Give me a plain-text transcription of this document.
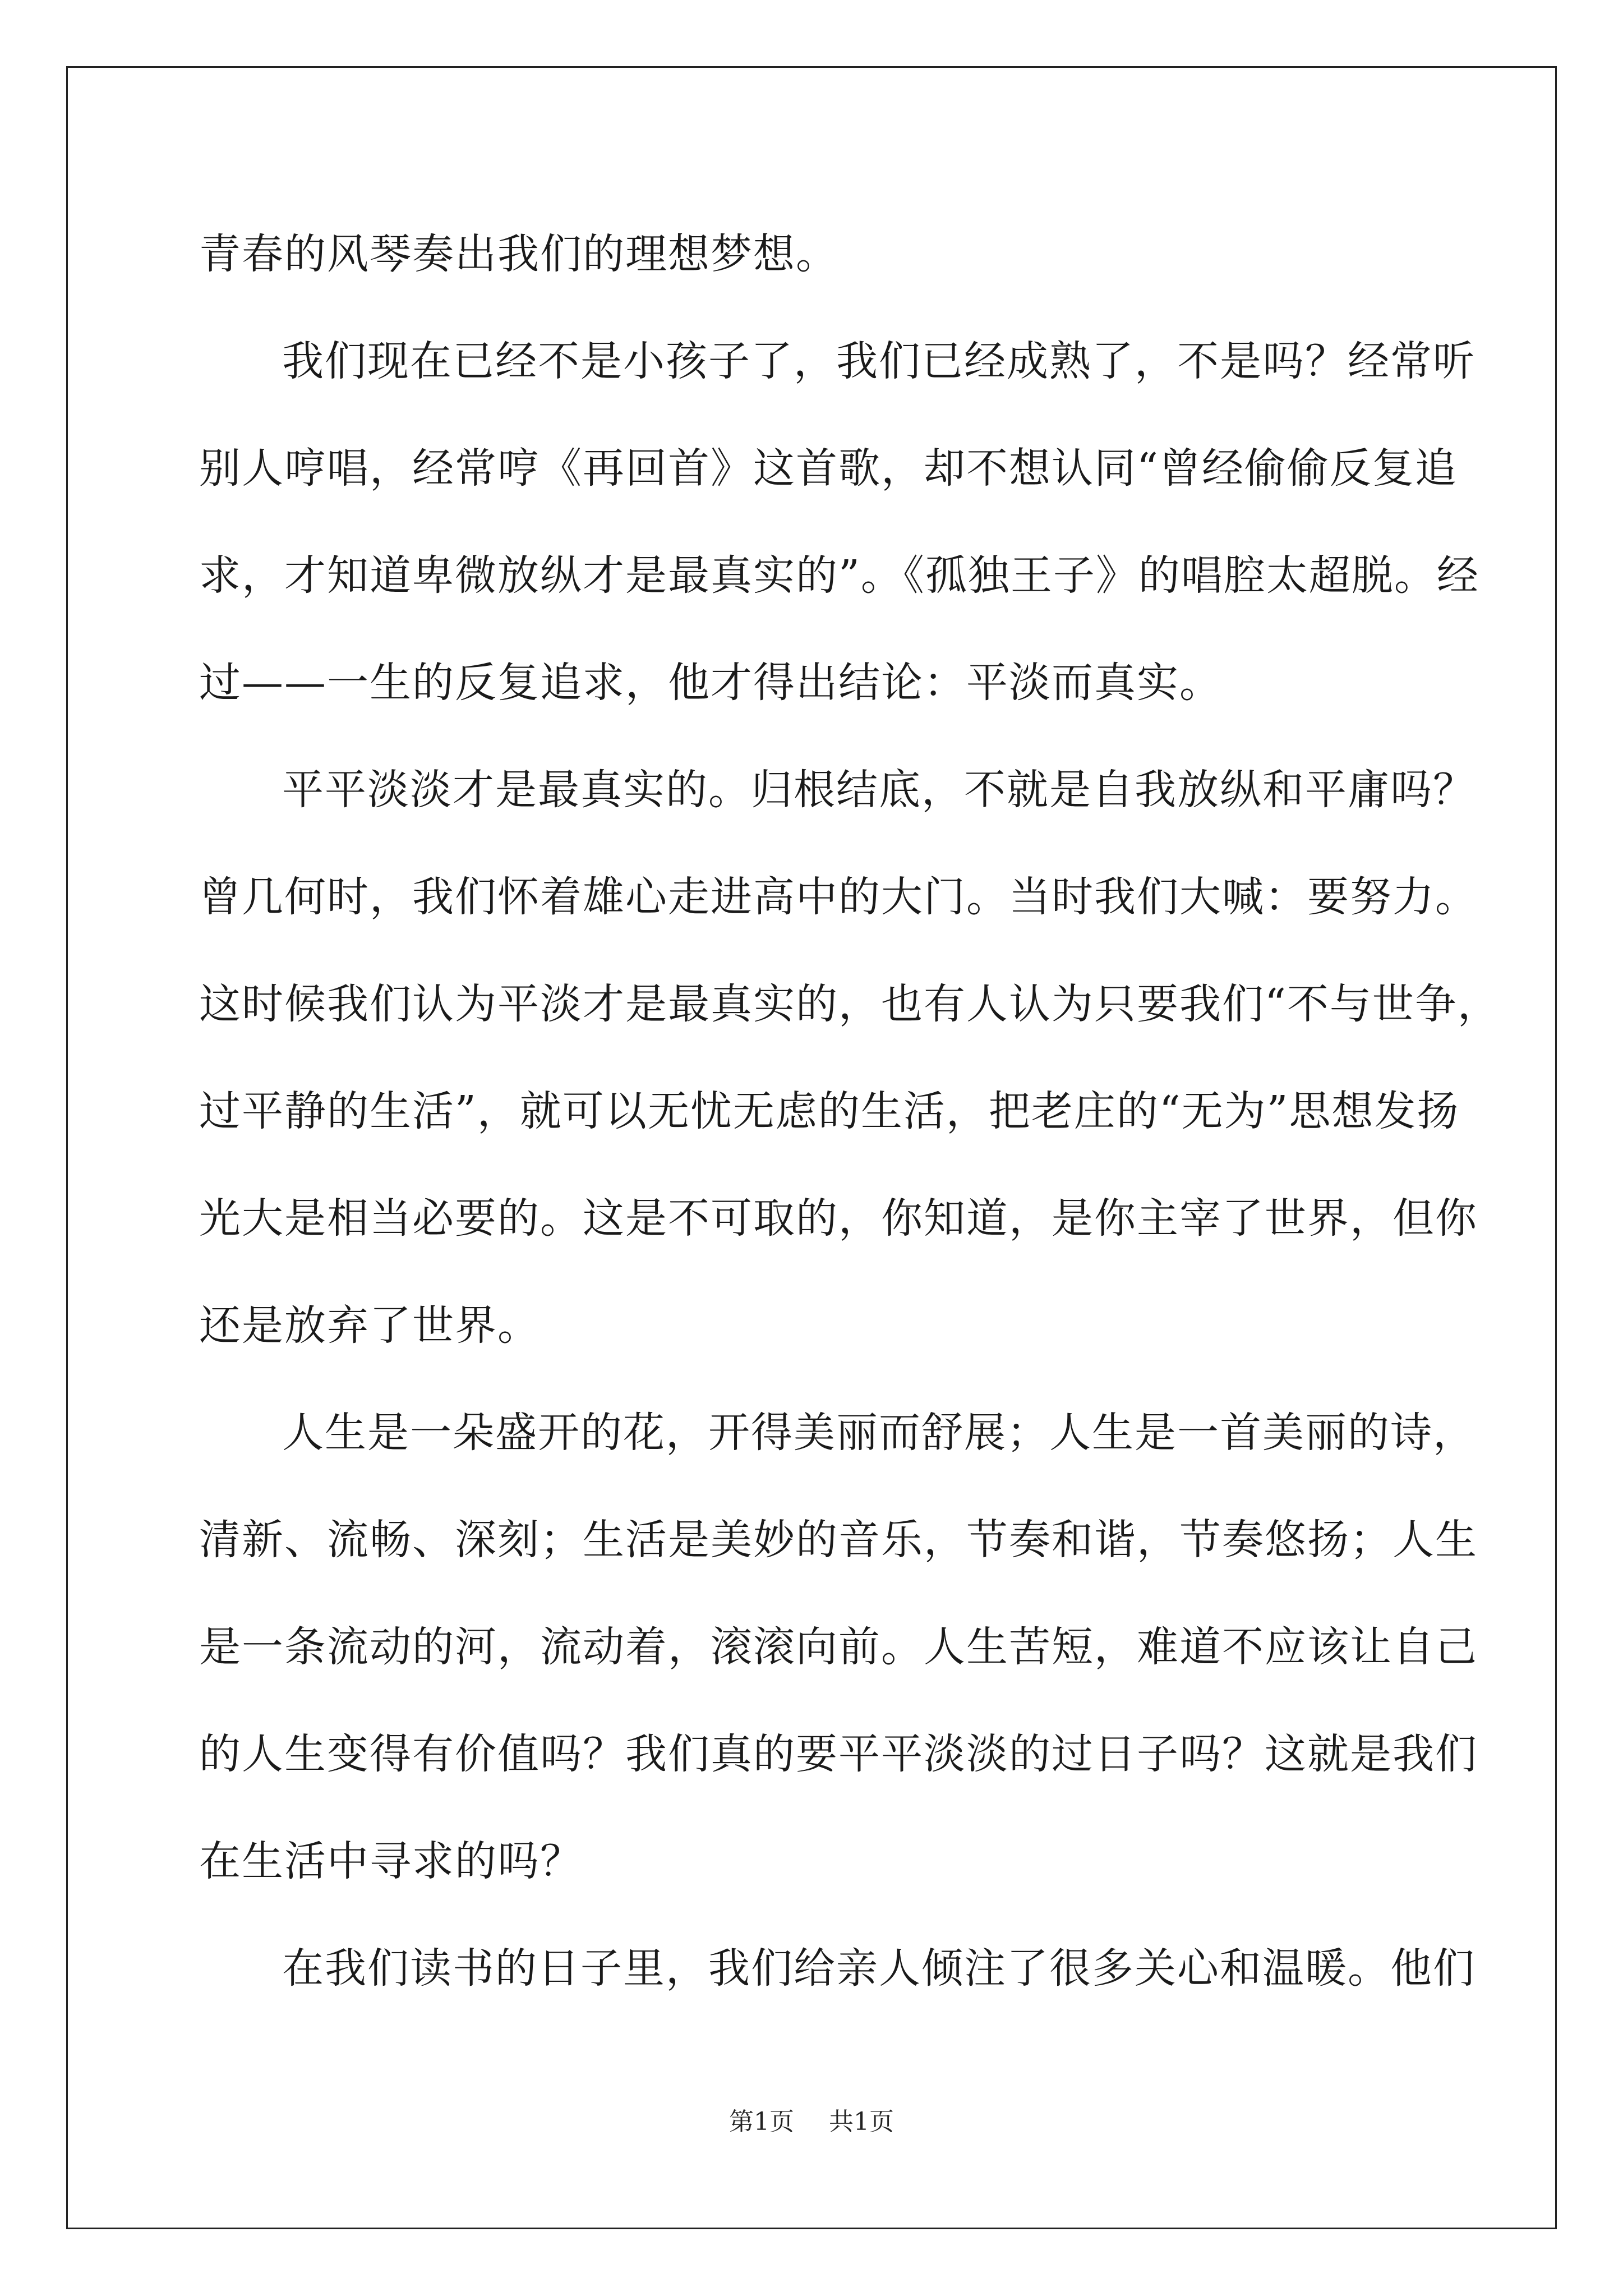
青春的风琴奏出我们的理想梦想。
我们现在已经不是小孩子了，我们已经成熟了，不是吗？经常听
别人哼唱，经常哼《再回首》这首歌，却不想认同“曾经偷偷反复追
求，才知道卑微放纵才是最真实的”。《孤独王子》的唱腔太超脱。经
过——一生的反复追求，他才得出结论：平淡而真实。
平平淡淡才是最真实的。归根结底，不就是自我放纵和平庸吗？
曾几何时，我们怀着雄心走进高中的大门。当时我们大喊：要努力。
这时候我们认为平淡才是最真实的，也有人认为只要我们“不与世争，
过平静的生活”，就可以无忧无虑的生活，把老庄的“无为”思想发扬
光大是相当必要的。这是不可取的，你知道，是你主宰了世界，但你
还是放弃了世界。
人生是一朵盛开的花，开得美丽而舒展；人生是一首美丽的诗，
清新、流畅、深刻；生活是美妙的音乐，节奏和谐，节奏悠扬；人生
是一条流动的河，流动着，滚滚向前。人生苦短，难道不应该让自己
的人生变得有价值吗？我们真的要平平淡淡的过日子吗？这就是我们
在生活中寻求的吗？
在我们读书的日子里，我们给亲人倾注了很多关心和温暖。他们
第1页 共1页
